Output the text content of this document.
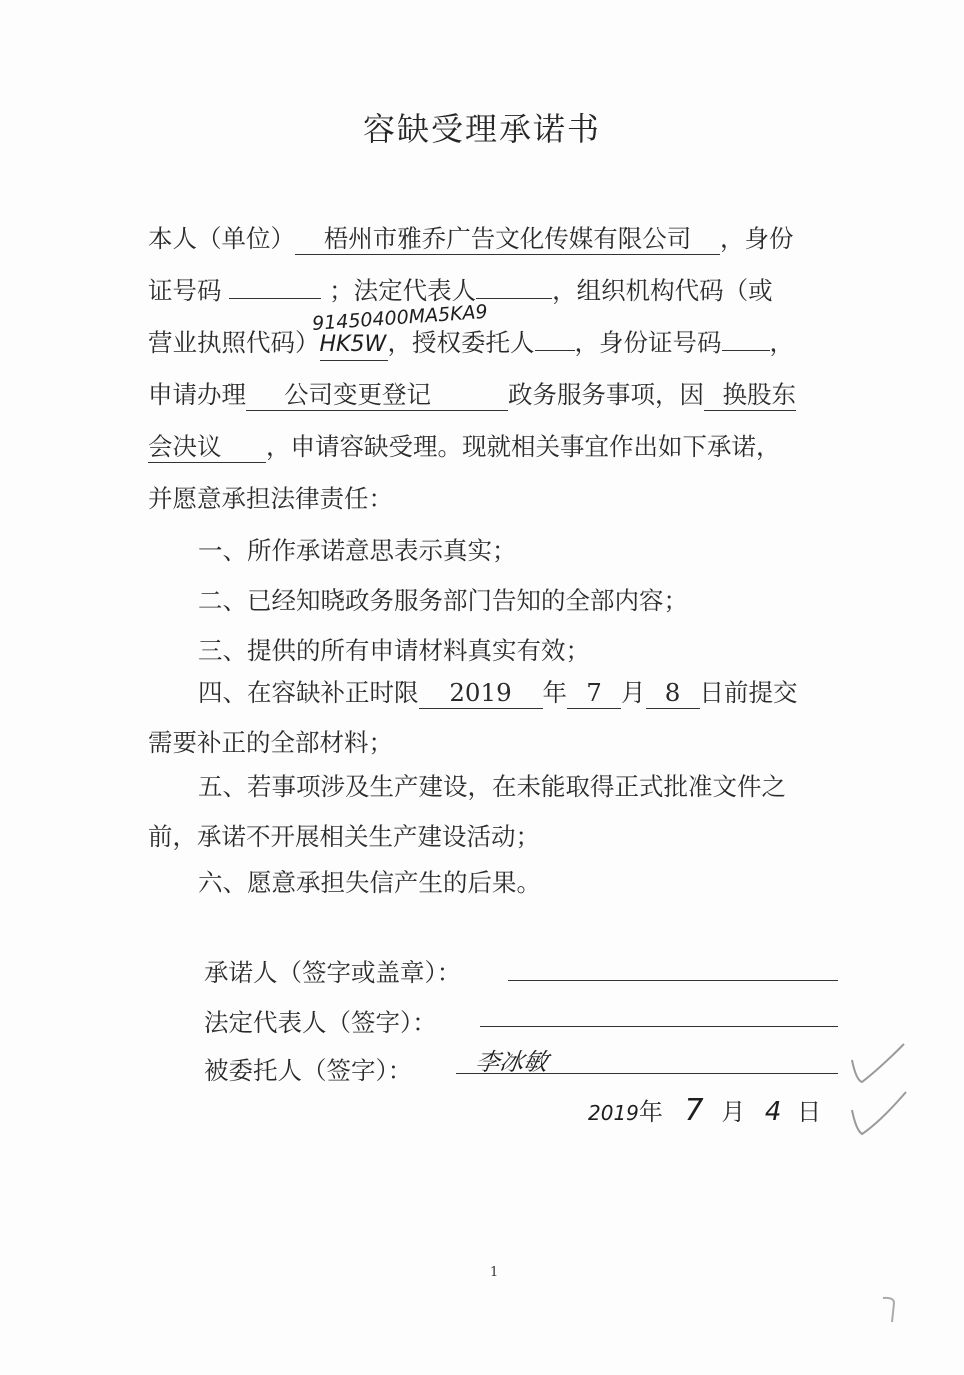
容缺受理承诺书
本人（单位） 梧州市雅乔广告文化传媒有限公司 ，身份
证号码	；法定代表人	，组织机构代码（或
91450400MA5KA9
营业执照代码）HK5W，授权委托人 ，身份证号码 ，
申请办理 公司变更登记	政务服务事项，因 换股东
会决议 ，申请容缺受理。现就相关事宜作出如下承诺，
并愿意承担法律责任：
一、所作承诺意思表示真实；
二、已经知晓政务服务部门告知的全部内容；
三、提供的所有申请材料真实有效；
四、在容缺补正时限 2019 年 7 月 8 日前提交
需要补正的全部材料；
五、若事项涉及生产建设，在未能取得正式批准文件之
前，承诺不开展相关生产建设活动；
六、愿意承担失信产生的后果。
承诺人（签字或盖章）：
法定代表人（签字）：
被委托人（签字）：	李冰敏
2019年 7 月 4 日
1
